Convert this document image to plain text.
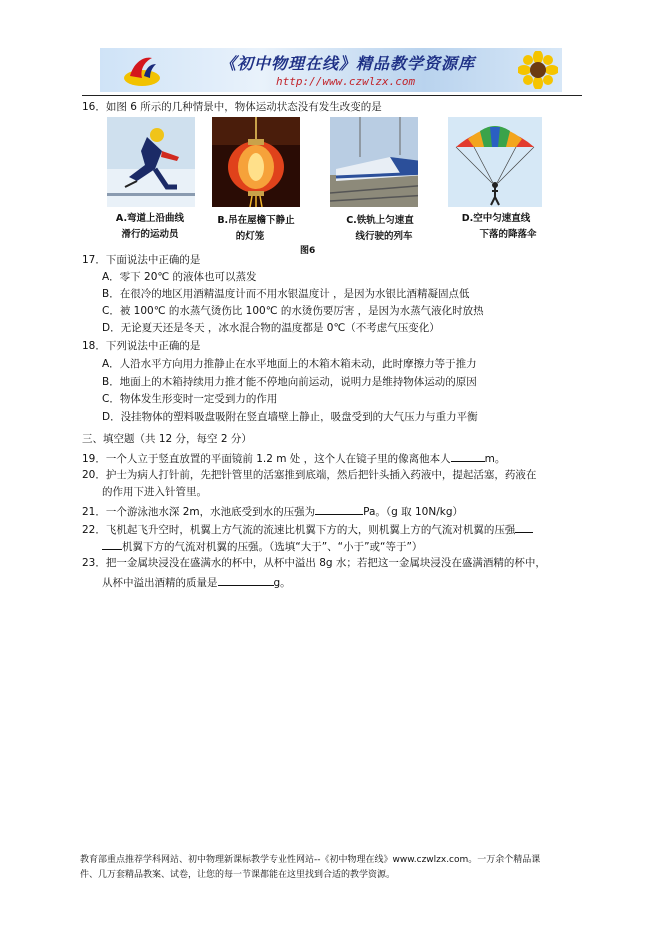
《初中物理在线》精品教学资源库
http://www.czwlzx.com
16．如图 6 所示的几种情景中，物体运动状态没有发生改变的是
A.弯道上沿曲线
滑行的运动员
B.吊在屋檐下静止
的灯笼
C.铁轨上匀速直
线行驶的列车
D.空中匀速直线
下落的降落伞
图6
17．下面说法中正确的是
A．零下 20℃ 的液体也可以蒸发
B．在很冷的地区用酒精温度计而不用水银温度计 ，是因为水银比酒精凝固点低
C．被 100℃ 的水蒸气烫伤比 100℃ 的水烫伤要厉害 ，是因为水蒸气液化时放热
D．无论夏天还是冬天 ，冰水混合物的温度都是 0℃（不考虑气压变化）
18．下列说法中正确的是
A．人沿水平方向用力推静止在水平地面上的木箱木箱未动，此时摩擦力等于推力
B．地面上的木箱持续用力推才能不停地向前运动，说明力是维持物体运动的原因
C．物体发生形变时一定受到力的作用
D．没挂物体的塑料吸盘吸附在竖直墙壁上静止，吸盘受到的大气压力与重力平衡
三、填空题（共 12 分，每空 2 分）
19．一个人立于竖直放置的平面镜前 1.2 m 处 ，这个人在镜子里的像离他本人	m。
20．护士为病人打针前，先把针管里的活塞推到底端，然后把针头插入药液中，提起活塞，药液在
的作用下进入针管里。
21．一个游泳池水深 2m，水池底受到水的压强为	Pa。（g 取 10N/kg）
22．飞机起飞升空时，机翼上方气流的流速比机翼下方的大，则机翼上方的气流对机翼的压强
机翼下方的气流对机翼的压强。（选填“大于”、“小于”或“等于”）
23．把一金属块浸没在盛满水的杯中，从杯中溢出 8g 水；若把这一金属块浸没在盛满酒精的杯中，
从杯中溢出酒精的质量是	g。
教育部重点推荐学科网站、初中物理新课标教学专业性网站--《初中物理在线》www.czwlzx.com。一万余个精品课
件、几万套精品教案、试卷，让您的每一节课都能在这里找到合适的教学资源。
